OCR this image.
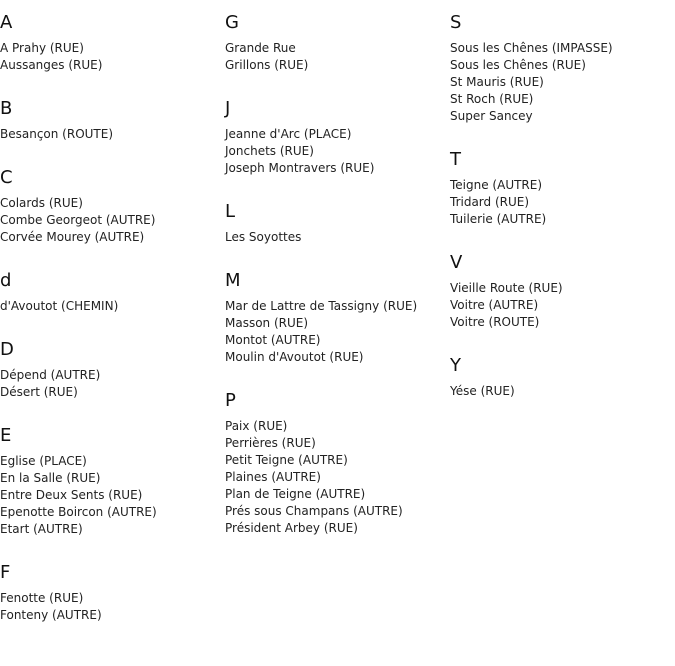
A
A Prahy (RUE)
Aussanges (RUE)
B
Besançon (ROUTE)
C
Colards (RUE)
Combe Georgeot (AUTRE)
Corvée Mourey (AUTRE)
d
d'Avoutot (CHEMIN)
D
Dépend (AUTRE)
Désert (RUE)
E
Eglise (PLACE)
En la Salle (RUE)
Entre Deux Sents (RUE)
Epenotte Boircon (AUTRE)
Etart (AUTRE)
F
Fenotte (RUE)
Fonteny (AUTRE)
G
Grande Rue
Grillons (RUE)
J
Jeanne d'Arc (PLACE)
Jonchets (RUE)
Joseph Montravers (RUE)
L
Les Soyottes
M
Mar de Lattre de Tassigny (RUE)
Masson (RUE)
Montot (AUTRE)
Moulin d'Avoutot (RUE)
P
Paix (RUE)
Perrières (RUE)
Petit Teigne (AUTRE)
Plaines (AUTRE)
Plan de Teigne (AUTRE)
Prés sous Champans (AUTRE)
Président Arbey (RUE)
S
Sous les Chênes (IMPASSE)
Sous les Chênes (RUE)
St Mauris (RUE)
St Roch (RUE)
Super Sancey
T
Teigne (AUTRE)
Tridard (RUE)
Tuilerie (AUTRE)
V
Vieille Route (RUE)
Voitre (AUTRE)
Voitre (ROUTE)
Y
Yése (RUE)
